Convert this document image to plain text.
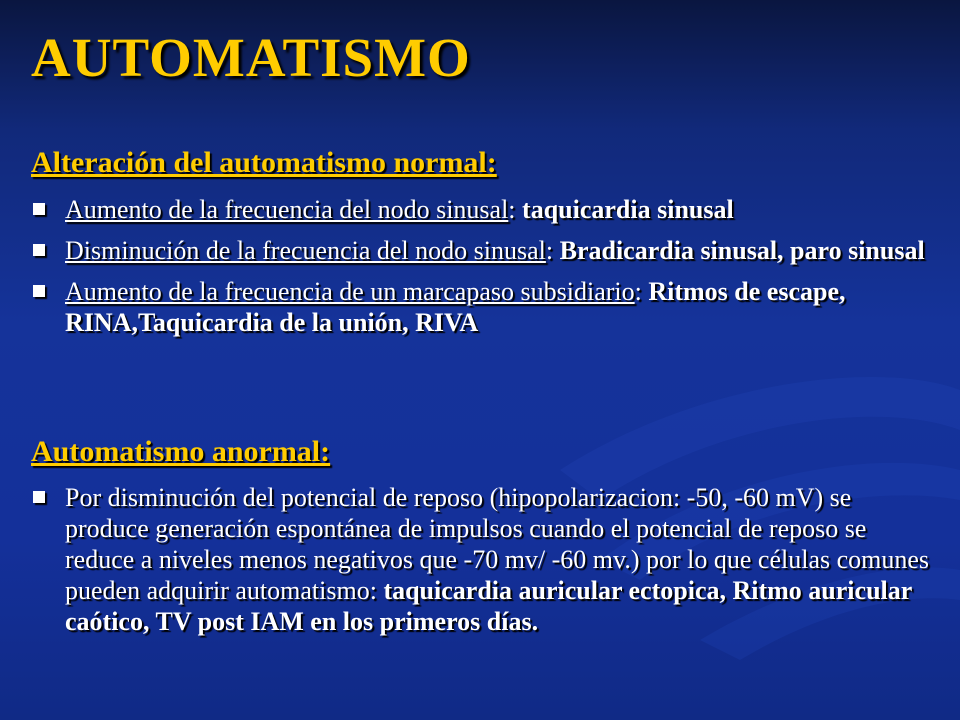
AUTOMATISMO
Alteración del automatismo normal:
Aumento de la frecuencia del nodo sinusal: taquicardia sinusal
Disminución de la frecuencia del nodo sinusal: Bradicardia sinusal, paro sinusal
Aumento de la frecuencia de un marcapaso subsidiario: Ritmos de escape, RINA,Taquicardia de la unión, RIVA
Automatismo anormal:
Por disminución del potencial de reposo (hipopolarizacion: -50, -60 mV) se produce generación espontánea de impulsos cuando el potencial de reposo se reduce a niveles menos negativos que -70 mv/ -60 mv.) por lo que células comunes pueden adquirir automatismo: taquicardia auricular ectopica, Ritmo auricular caótico, TV post IAM en los primeros días.
